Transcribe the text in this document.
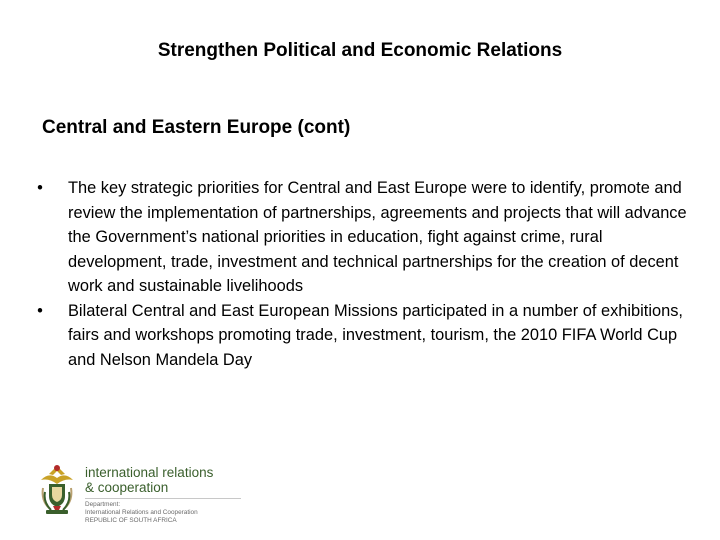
Strengthen Political and Economic Relations
Central and Eastern Europe (cont)
• The key strategic priorities for Central and East Europe were to identify, promote and review the implementation of partnerships, agreements and projects that will advance the Government’s national priorities in education, fight against crime, rural development, trade, investment and technical partnerships for the creation of decent work and sustainable livelihoods
• Bilateral Central and East European Missions participated in a number of exhibitions, fairs and workshops promoting trade, investment, tourism, the 2010 FIFA World Cup and Nelson Mandela Day
international relations
& cooperation
Department:
International Relations and Cooperation
REPUBLIC OF SOUTH AFRICA
